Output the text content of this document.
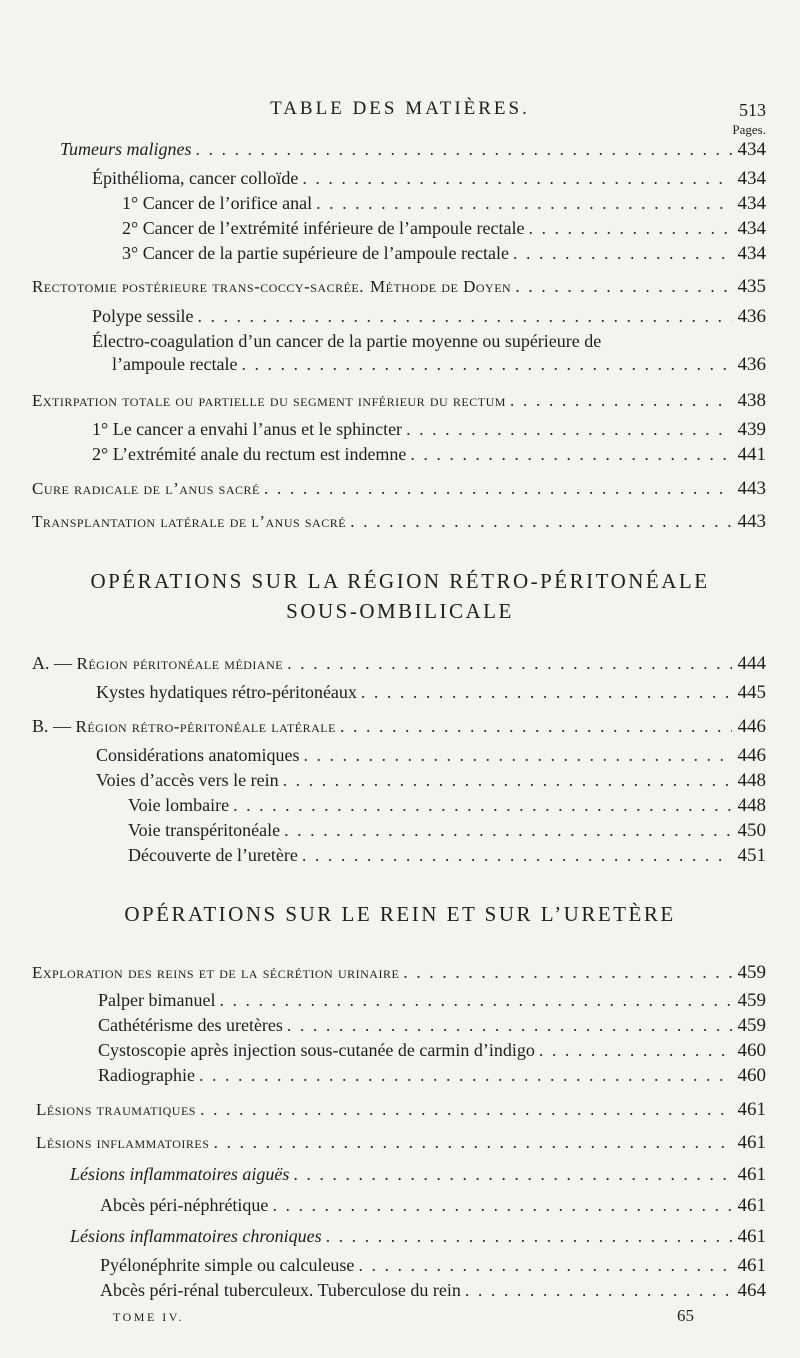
TABLE DES MATIÈRES.	513
Pages.
Tumeurs malignes . . .	434
Épithélioma, cancer colloïde . . .	434
1° Cancer de l’orifice anal . . .	434
2° Cancer de l’extrémité inférieure de l’ampoule rectale . . .	434
3° Cancer de la partie supérieure de l’ampoule rectale . . .	434
Rectotomie postérieure trans-coccy-sacrée. Méthode de Doyen . . .	435
Polype sessile . . .	436
Électro-coagulation d’un cancer de la partie moyenne ou supérieure de
l’ampoule rectale . . .	436
Extirpation totale ou partielle du segment inférieur du rectum . . .	438
1° Le cancer a envahi l’anus et le sphincter . . .	439
2° L’extrémité anale du rectum est indemne . . .	441
Cure radicale de l’anus sacré . . .	443
Transplantation latérale de l’anus sacré . . .	443
OPÉRATIONS SUR LA RÉGION RÉTRO-PÉRITONÉALE
SOUS-OMBILICALE
A. — Région péritonéale médiane . . .	444
Kystes hydatiques rétro-péritonéaux . . .	445
B. — Région rétro-péritonéale latérale . . .	446
Considérations anatomiques . . .	446
Voies d’accès vers le rein . . .	448
Voie lombaire . . .	448
Voie transpéritonéale . . .	450
Découverte de l’uretère . . .	451
OPÉRATIONS SUR LE REIN ET SUR L’URETÈRE
Exploration des reins et de la sécrétion urinaire . . .	459
Palper bimanuel . . .	459
Cathétérisme des uretères . . .	459
Cystoscopie après injection sous-cutanée de carmin d’indigo . . .	460
Radiographie . . .	460
Lésions traumatiques . . .	461
Lésions inflammatoires . . .	461
Lésions inflammatoires aiguës . . .	461
Abcès péri-néphrétique . . .	461
Lésions inflammatoires chroniques . . .	461
Pyélonéphrite simple ou calculeuse . . .	461
Abcès péri-rénal tuberculeux. Tuberculose du rein . . .	464
TOME IV.	65
